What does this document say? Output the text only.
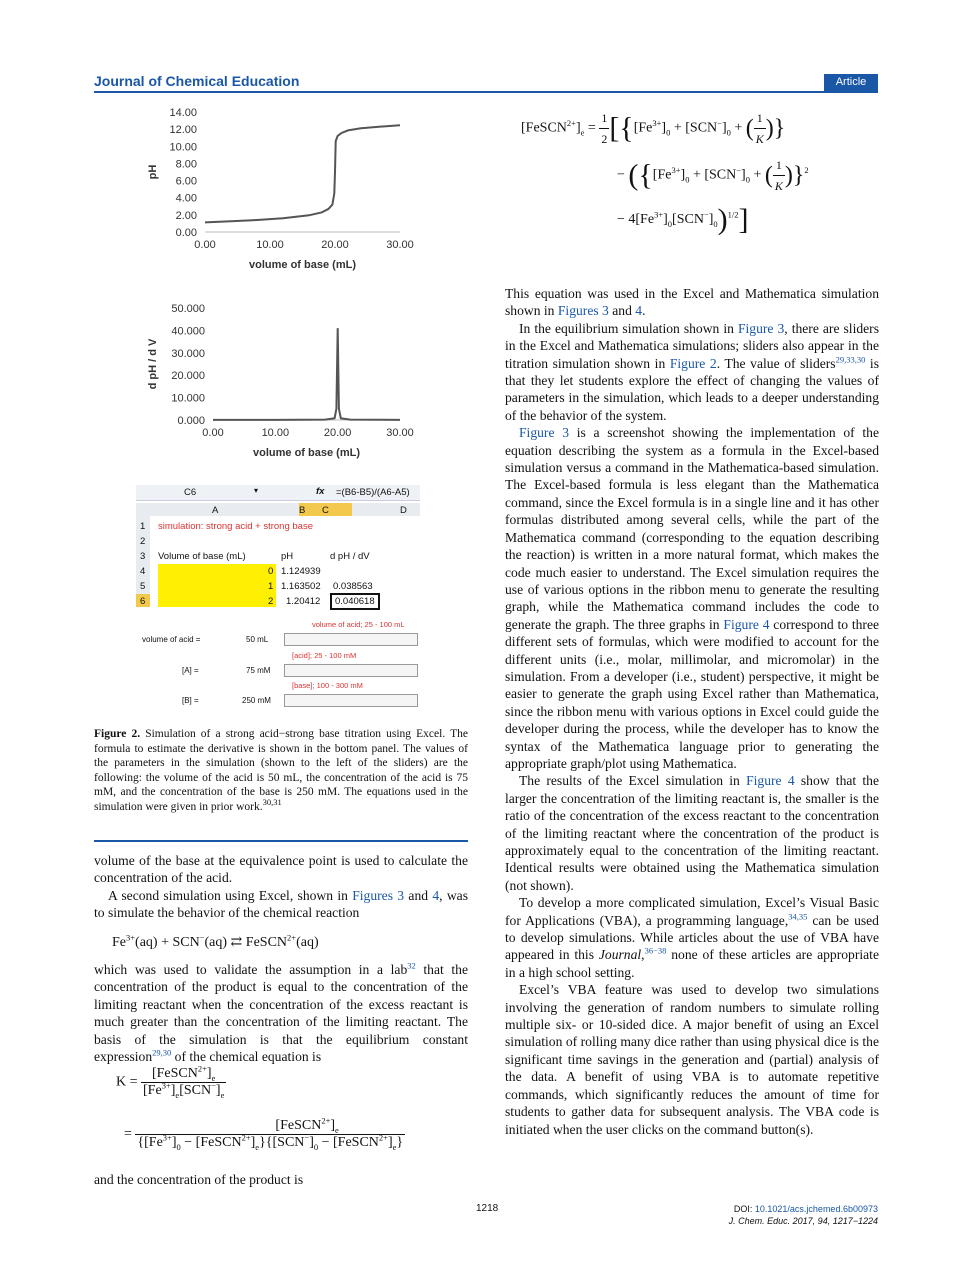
Journal of Chemical Education	Article
0.00
2.00
4.00
6.00
8.00
10.00
12.00
14.00
0.00	10.00	20.00	30.00
volume of base (mL)
pH
0.000
10.000
20.000
30.000
40.000
50.000
0.00	10.00	20.00	30.00
volume of base (mL)
d pH / d V
C6	▾	fx =(B6-B5)/(A6-A5)
A	B C	D
1
2
3
4
5
6
simulation: strong acid + strong base
Volume of base (mL)	pH	d pH / dV
0 1.124939
1 1.163502 0.038563
2 1.20412	0.040618
volume of acid; 25 - 100 mL
volume of acid =	50 mL
[acid]; 25 - 100 mM
[A] =	75 mM
[base]; 100 - 300 mM
[B] =	250 mM
Figure 2. Simulation of a strong acid−strong base titration using Excel. The formula to estimate the derivative is shown in the bottom panel. The values of the parameters in the simulation (shown to the left of the sliders) are the following: the volume of the acid is 50 mL, the concentration of the acid is 75 mM, and the concentration of the base is 250 mM. The equations used in the simulation were given in prior work.$^{30,31}$

volume of the base at the equivalence point is used to calculate the concentration of the acid.

A second simulation using Excel, shown in Figures 3 and 4, was to simulate the behavior of the chemical reaction

$Fe^{3+}(aq) + SCN^-(aq)$ ⇄ FeSCN$^{2+}$(aq)

which was used to validate the assumption in a lab$^{32}$ that the concentration of the product is equal to the concentration of the limiting reactant when the concentration of the excess reactant is much greater than the concentration of the limiting reactant. The basis of the simulation is that the equilibrium constant expression$^{29,30}$ of the chemical equation is

$K = \frac{[FeSCN^{2+}]_e}{[Fe^{3+}]_e[SCN^-]_e}$
= $\frac{[FeSCN^{2+}]_e}{\{[Fe^{3+}]_0 - [FeSCN^{2+}]_e\}\{[SCN^-]_0 - [FeSCN^{2+}]_e\}}$

and the concentration of the product is

$[FeSCN^{2+}]_e = \frac{1}{2} [\{[Fe^{3+}]_0 + [SCN^-]_0$ + ( $\frac{1}{K}$ )}
− ({$[Fe^{3+}]_0 + [SCN^-]_0$ + ( $\frac{1}{K} )\}^2$
− $4[Fe^{3+}]_0[SCN^-]_0)^{1/2}$]

This equation was used in the Excel and Mathematica simulation shown in Figures 3 and 4.

In the equilibrium simulation shown in Figure 3, there are sliders in the Excel and Mathematica simulations; sliders also appear in the titration simulation shown in Figure 2. The value of sliders$^{29,33,30}$ is that they let students explore the effect of changing the values of parameters in the simulation, which leads to a deeper understanding of the behavior of the system.

Figure 3 is a screenshot showing the implementation of the equation describing the system as a formula in the Excel-based simulation versus a command in the Mathematica-based simulation. The Excel-based formula is less elegant than the Mathematica command, since the Excel formula is in a single line and it has other formulas distributed among several cells, while the part of the Mathematica command (corresponding to the equation describing the reaction) is written in a more natural format, which makes the code much easier to understand. The Excel simulation requires the use of various options in the ribbon menu to generate the resulting graph, while the Mathematica command includes the code to generate the graph. The three graphs in Figure 4 correspond to three different sets of formulas, which were modified to account for the different units (i.e., molar, millimolar, and micromolar) in the simulation. From a developer (i.e., student) perspective, it might be easier to generate the graph using Excel rather than Mathematica, since the ribbon menu with various options in Excel could guide the developer during the process, while the developer has to know the syntax of the Mathematica language prior to generating the appropriate graph/plot using Mathematica.

The results of the Excel simulation in Figure 4 show that the larger the concentration of the limiting reactant is, the smaller is the ratio of the concentration of the excess reactant to the concentration of the limiting reactant where the concentration of the product is approximately equal to the concentration of the limiting reactant. Identical results were obtained using the Mathematica simulation (not shown).

To develop a more complicated simulation, Excel’s Visual Basic for Applications (VBA), a programming language,$^{34,35}$ can be used to develop simulations. While articles about the use of VBA have appeared in this Journal,$^{36-38}$ none of these articles are appropriate in a high school setting.

Excel’s VBA feature was used to develop two simulations involving the generation of random numbers to simulate rolling multiple six- or 10-sided dice. A major benefit of using an Excel simulation of rolling many dice rather than using physical dice is the significant time savings in the generation and (partial) analysis of the data. A benefit of using VBA is to automate repetitive commands, which significantly reduces the amount of time for students to gather data for subsequent analysis. The VBA code is initiated when the user clicks on the command button(s).

1218	DOI: 10.1021/acs.jchemed.6b00973
J. Chem. Educ. 2017, 94, 1217−1224
